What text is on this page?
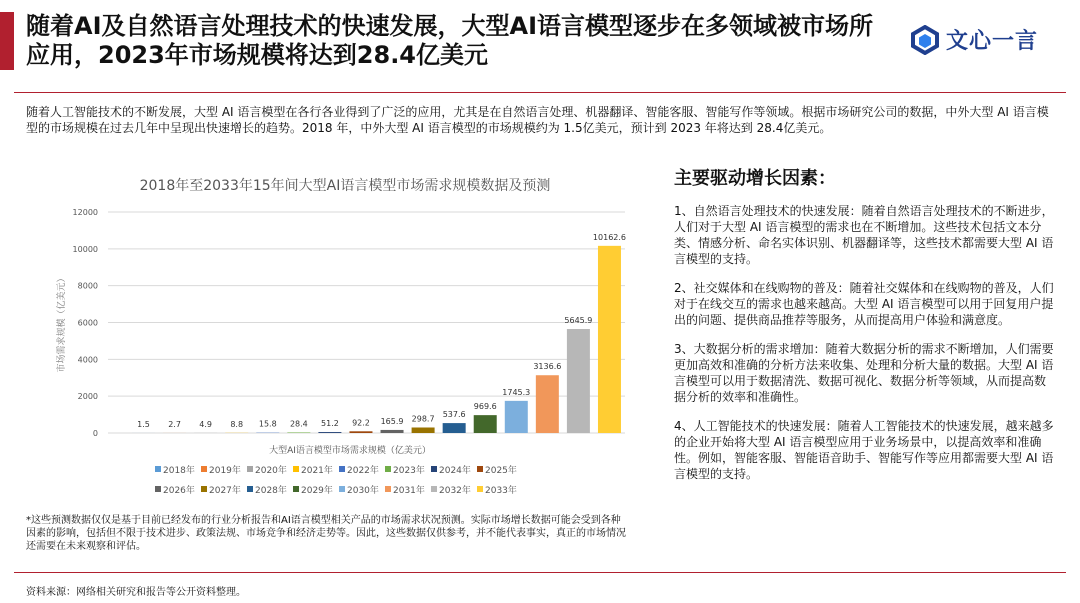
随着AI及自然语言处理技术的快速发展，大型AI语言模型逐步在多领域被市场所应用，2023年市场规模将达到28.4亿美元	文心一言

随着人工智能技术的不断发展，大型 AI 语言模型在各行各业得到了广泛的应用，尤其是在自然语言处理、机器翻译、智能客服、智能写作等领域。根据市场研究公司的数据，中外大型 AI 语言模型的市场规模在过去几年中呈现出快速增长的趋势。2018 年，中外大型 AI 语言模型的市场规模约为 1.5亿美元，预计到 2023 年将达到 28.4亿美元。

2018年至2033年15年间大型AI语言模型市场需求规模数据及预测
0
2000
4000
6000
8000
10000
12000
市场需求规模（亿美元）
1.5 2.7 4.9 8.8 15.8 28.4 51.2 92.2 165.9 298.7 537.6
969.6
1745.3
3136.6
5645.9
10162.6
大型AI语言模型市场需求规模（亿美元）
2018年 2019年 2020年 2021年 2022年 2023年 2024年 2025年
2026年 2027年 2028年 2029年 2030年 2031年 2032年 2033年
主要驱动增长因素：

1、自然语言处理技术的快速发展：随着自然语言处理技术的不断进步，人们对于大型 AI 语言模型的需求也在不断增加。这些技术包括文本分类、情感分析、命名实体识别、机器翻译等，这些技术都需要大型 AI 语言模型的支持。

2、社交媒体和在线购物的普及：随着社交媒体和在线购物的普及，人们对于在线交互的需求也越来越高。大型 AI 语言模型可以用于回复用户提出的问题、提供商品推荐等服务，从而提高用户体验和满意度。

3、大数据分析的需求增加：随着大数据分析的需求不断增加，人们需要更加高效和准确的分析方法来收集、处理和分析大量的数据。大型 AI 语言模型可以用于数据清洗、数据可视化、数据分析等领域，从而提高数据分析的效率和准确性。

4、人工智能技术的快速发展：随着人工智能技术的快速发展，越来越多的企业开始将大型 AI 语言模型应用于业务场景中，以提高效率和准确性。例如，智能客服、智能语音助手、智能写作等应用都需要大型 AI 语言模型的支持。

*这些预测数据仅仅是基于目前已经发布的行业分析报告和AI语言模型相关产品的市场需求状况预测。实际市场增长数据可能会受到各种因素的影响，包括但不限于技术进步、政策法规、市场竞争和经济走势等。因此，这些数据仅供参考，并不能代表事实，真正的市场情况还需要在未来观察和评估。

资料来源：网络相关研究和报告等公开资料整理。
